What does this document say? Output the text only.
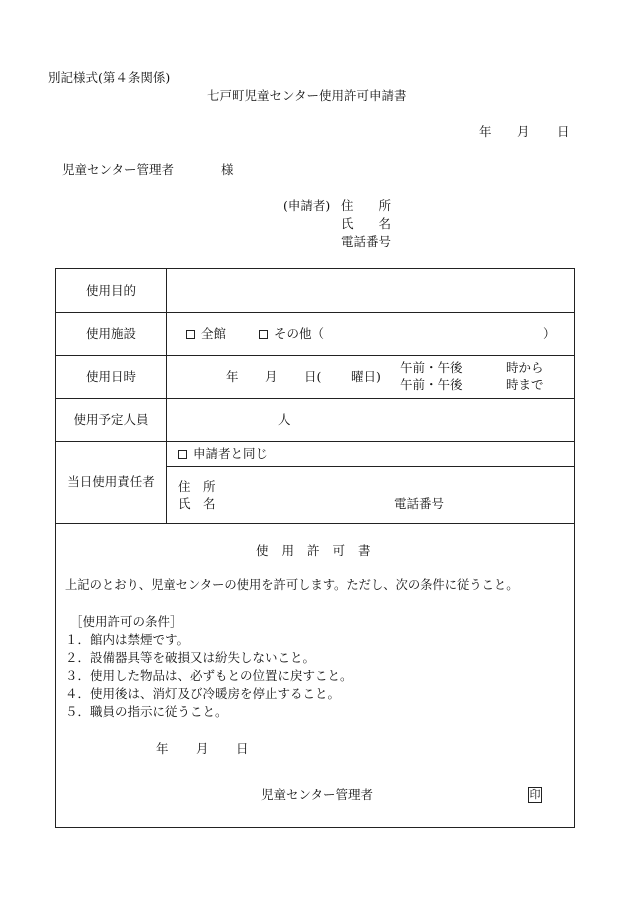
別記様式(第４条関係)
七戸町児童センター使用許可申請書
年 月 日
児童センター管理者	様
(申請者) 住　　所
氏　　名
電話番号
使用目的
使用施設	全館	その他（	）
使用日時	年 月 日( 曜日)
午前・午後	時から
午前・午後	時まで
使用予定人員	人
当日使用責任者
申請者と同じ
住　所
氏　名	電話番号
使用許可書
上記のとおり、児童センターの使用を許可します。ただし、次の条件に従うこと。
［使用許可の条件］
１．館内は禁煙です。
２．設備器具等を破損又は紛失しないこと。
３．使用した物品は、必ずもとの位置に戻すこと。
４．使用後は、消灯及び冷暖房を停止すること。
５．職員の指示に従うこと。
年 月 日
児童センター管理者	印
